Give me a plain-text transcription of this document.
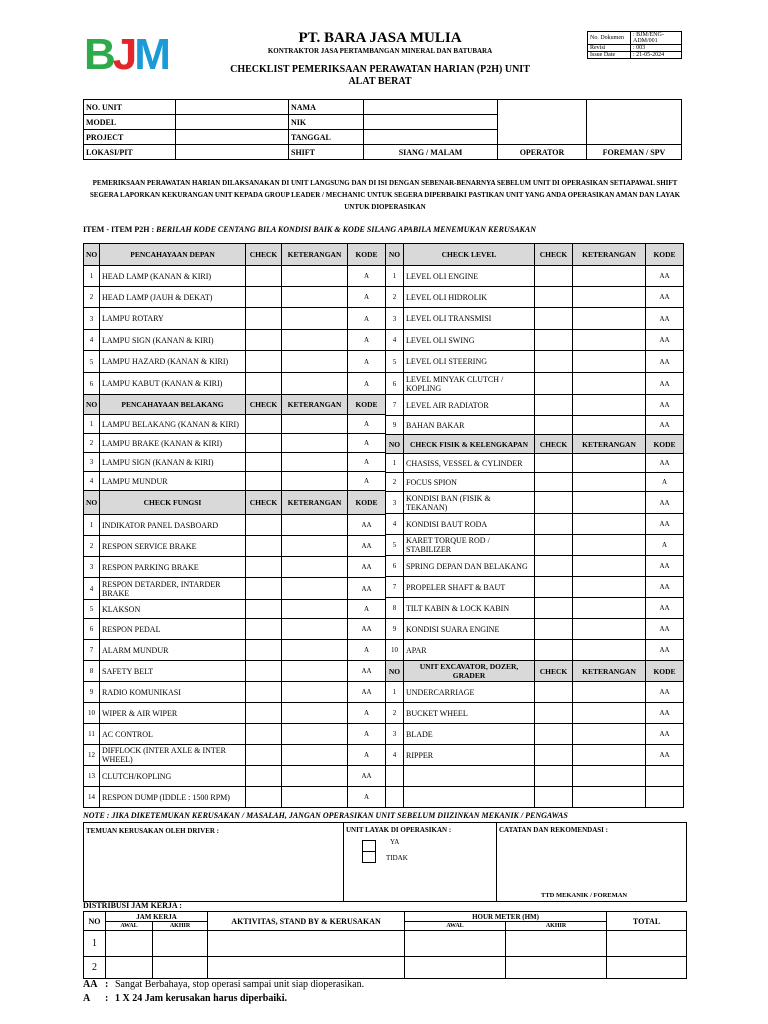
BJM	PT. BARA JASA MULIA
KONTRAKTOR JASA PERTAMBANGAN MINERAL DAN BATUBARA
CHECKLIST PEMERIKSAAN PERAWATAN HARIAN (P2H) UNIT
ALAT BERAT
No. Dokumen	: BJM/ENG-ADM/001
Revisi	: 003
Issue Date	: 21-05-2024
NO. UNIT		NAMA			
MODEL		NIK			
PROJECT		TANGGAL			
LOKASI/PIT		SHIFT	SIANG / MALAM	OPERATOR	FOREMAN / SPV
PEMERIKSAAN PERAWATAN HARIAN DILAKSANAKAN DI UNIT LANGSUNG DAN DI ISI DENGAN SEBENAR-BENARNYA SEBELUM UNIT DI OPERASIKAN SETIAPAWAL SHIFT SEGERA LAPORKAN KEKURANGAN UNIT KEPADA GROUP LEADER / MECHANIC UNTUK SEGERA DIPERBAIKI PASTIKAN UNIT YANG ANDA OPERASIKAN AMAN DAN LAYAK UNTUK DIOPERASIKAN
ITEM - ITEM P2H : BERILAH KODE CENTANG BILA KONDISI BAIK & KODE SILANG APABILA MENEMUKAN KERUSAKAN
NO	PENCAHAYAAN DEPAN	CHECK	KETERANGAN	KODE
1	HEAD LAMP (KANAN & KIRI)			A
2	HEAD LAMP (JAUH & DEKAT)			A
3	LAMPU ROTARY			A
4	LAMPU SIGN (KANAN & KIRI)			A
5	LAMPU HAZARD (KANAN & KIRI)			A
6	LAMPU KABUT (KANAN & KIRI)			A
NO	PENCAHAYAAN BELAKANG	CHECK	KETERANGAN	KODE
1	LAMPU BELAKANG (KANAN & KIRI)			A
2	LAMPU BRAKE (KANAN & KIRI)			A
3	LAMPU SIGN (KANAN & KIRI)			A
4	LAMPU MUNDUR			A
NO	CHECK FUNGSI	CHECK	KETERANGAN	KODE
1	INDIKATOR PANEL DASBOARD			AA
2	RESPON SERVICE BRAKE			AA
3	RESPON PARKING BRAKE			AA
4	RESPON DETARDER, INTARDER BRAKE			AA
5	KLAKSON			A
6	RESPON PEDAL			AA
7	ALARM MUNDUR			A
8	SAFETY BELT			AA
9	RADIO KOMUNIKASI			AA
10	WIPER & AIR WIPER			A
11	AC CONTROL			A
12	DIFFLOCK (INTER AXLE & INTER WHEEL)			A
13	CLUTCH/KOPLING			AA
14	RESPON DUMP (IDDLE : 1500 RPM)			A
NO	CHECK LEVEL	CHECK	KETERANGAN	KODE
1	LEVEL OLI ENGINE			AA
2	LEVEL OLI HIDROLIK			AA
3	LEVEL OLI TRANSMISI			AA
4	LEVEL OLI SWING			AA
5	LEVEL OLI STEERING			AA
6	LEVEL MINYAK CLUTCH / KOPLING			AA
7	LEVEL AIR RADIATOR			AA
9	BAHAN BAKAR			AA
NO	CHECK FISIK & KELENGKAPAN	CHECK	KETERANGAN	KODE
1	CHASISS, VESSEL & CYLINDER			AA
2	FOCUS SPION			A
3	KONDISI BAN (FISIK & TEKANAN)			AA
4	KONDISI BAUT RODA			AA
5	KARET TORQUE ROD / STABILIZER			A
6	SPRING DEPAN DAN BELAKANG			AA
7	PROPELER SHAFT & BAUT			AA
8	TILT KABIN & LOCK KABIN			AA
9	KONDISI SUARA ENGINE			AA
10	APAR			AA
NO	UNIT EXCAVATOR, DOZER, GRADER	CHECK	KETERANGAN	KODE
1	UNDERCARRIAGE			AA
2	BUCKET WHEEL			AA
3	BLADE			AA
4	RIPPER			AA

NOTE : JIKA DIKETEMUKAN KERUSAKAN / MASALAH, JANGAN OPERASIKAN UNIT SEBELUM DIIZINKAN MEKANIK / PENGAWAS
TEMUAN KERUSAKAN OLEH DRIVER :	UNIT LAYAK DI OPERASIKAN :
YA
TIDAK

CATATAN DAN REKOMENDASI :
TTD MEKANIK / FOREMAN
DISTRIBUSI JAM KERJA :
NO	JAM KERJA		AKTIVITAS, STAND BY & KERUSAKAN	HOUR METER (HM)		TOTAL
	AWAL	AKHIR		AWAL	AKHIR	
1						
2						
AA : Sangat Berbahaya, stop operasi sampai unit siap dioperasikan.
A : 1 X 24 Jam kerusakan harus diperbaiki.
